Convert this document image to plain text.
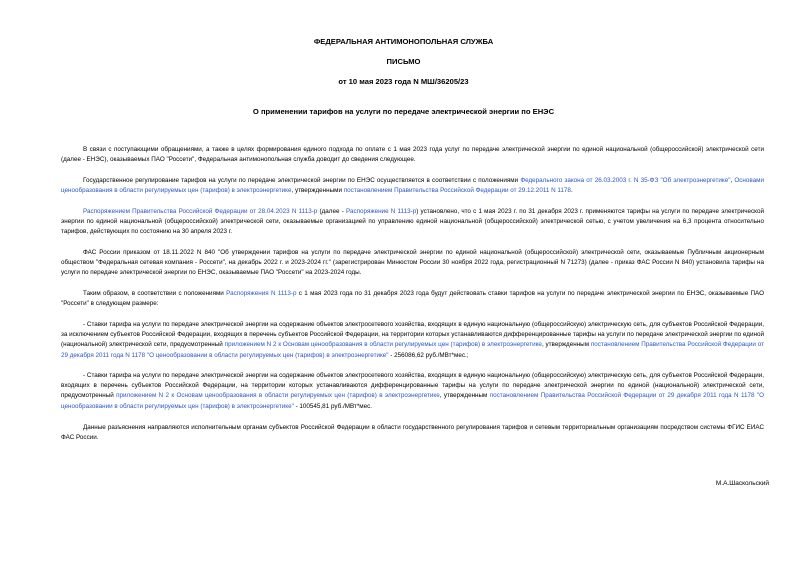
ФЕДЕРАЛЬНАЯ АНТИМОНОПОЛЬНАЯ СЛУЖБА
ПИСЬМО
от 10 мая 2023 года N МШ/36205/23
О применении тарифов на услуги по передаче электрической энергии по ЕНЭС

В связи с поступающими обращениями, а также в целях формирования единого подхода по оплате с 1 мая 2023 года услуг по передаче электрической энергии по единой национальной (общероссийской) электрической сети (далее - ЕНЭС), оказываемых ПАО "Россети", Федеральная антимонопольная служба доводит до сведения следующее.

Государственное регулирование тарифов на услуги по передаче электрической энергии по ЕНЭС осуществляется в соответствии с положениями Федерального закона от 26.03.2003 г. N 35-ФЗ "Об электроэнергетике", Основами ценообразования в области регулируемых цен (тарифов) в электроэнергетике, утвержденными постановлением Правительства Российской Федерации от 29.12.2011 N 1178.

Распоряжением Правительства Российской Федерации от 28.04.2023 N 1113-р (далее - Распоряжение N 1113-р) установлено, что с 1 мая 2023 г. по 31 декабря 2023 г. применяются тарифы на услуги по передаче электрической энергии по единой национальной (общероссийской) электрической сети, оказываемые организацией по управлению единой национальной (общероссийской) электрической сетью, с учетом увеличения на 6,3 процента относительно тарифов, действующих по состоянию на 30 апреля 2023 г.

ФАС России приказом от 18.11.2022 N 840 "Об утверждении тарифов на услуги по передаче электрической энергии по единой национальной (общероссийской) электрической сети, оказываемые Публичным акционерным обществом "Федеральная сетевая компания - Россети", на декабрь 2022 г. и 2023-2024 гг." (зарегистрирован Минюстом России 30 ноября 2022 года, регистрационный N 71273) (далее - приказ ФАС России N 840) установила тарифы на услуги по передаче электрической энергии по ЕНЭС, оказываемые ПАО "Россети" на 2023-2024 годы.

Таким образом, в соответствии с положениями Распоряжения N 1113-р с 1 мая 2023 года по 31 декабря 2023 года будут действовать ставки тарифов на услуги по передаче электрической энергии по ЕНЭС, оказываемые ПАО "Россети" в следующем размере:

- Ставки тарифа на услуги по передаче электрической энергии на содержание объектов электросетевого хозяйства, входящих в единую национальную (общероссийскую) электрическую сеть, для субъектов Российской Федерации, за исключением субъектов Российской Федерации, входящих в перечень субъектов Российской Федерации, на территории которых устанавливаются дифференцированные тарифы на услуги по передаче электрической энергии по единой (национальной) электрической сети, предусмотренный приложением N 2 к Основам ценообразования в области регулируемых цен (тарифов) в электроэнергетике, утвержденным постановлением Правительства Российской Федерации от 29 декабря 2011 года N 1178 "О ценообразовании в области регулируемых цен (тарифов) в электроэнергетике" - 256086,62 руб./МВт*мес.;

- Ставки тарифа на услуги по передаче электрической энергии на содержание объектов электросетевого хозяйства, входящих в единую национальную (общероссийскую) электрическую сеть, для субъектов Российской Федерации, входящих в перечень субъектов Российской Федерации, на территории которых устанавливаются дифференцированные тарифы на услуги по передаче электрической энергии по единой (национальной) электрической сети, предусмотренный приложением N 2 к Основам ценообразования в области регулируемых цен (тарифов) в электроэнергетике, утвержденным постановлением Правительства Российской Федерации от 29 декабря 2011 года N 1178 "О ценообразовании в области регулируемых цен (тарифов) в электроэнергетике" - 100545,81 руб./МВт*мес.

Данные разъяснения направляются исполнительным органам субъектов Российской Федерации в области государственного регулирования тарифов и сетевым территориальным организациям посредством системы ФГИС ЕИАС ФАС России.

М.А.Шаскольский
